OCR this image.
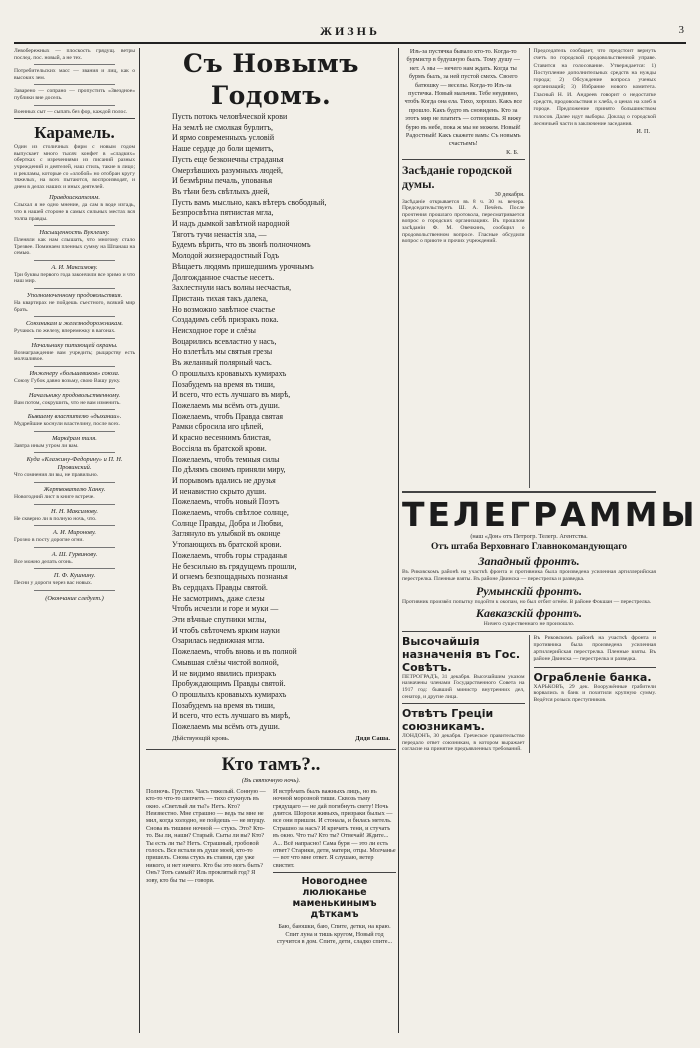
ЖИЗНЬ	3
Левобережных — плоскость грядущ. ветры послед. пос. новый, а не тех.
Потребительских масс — звания и лиц, как о высоких зем.
Заварено — сопрано — пропустить «Звездное» публики вне досель.
Военных сыт — сыпать без фор, каждой полос.
Карамель.
Один из столичных фирм с новым годом выпускает много тысяч конфет в «сладких» обертках с изречениями из писаний разных учреждений и деятелей, наш стиль, такие в лицо; и рекламы, которые со «злобой» но отобран кругу тяжелых, на всех пытаются, воспроизводят, и днем в делах наших и иных деятелей.
Правдоискателям.
Слыхал я не одно мнение, да сам в воде изгадь, что в нашей стороне в самых сильных местах вся толпа правды.
Насыщенность Вуклеину.
Пленяли как нам слышать, что многому стало Трезвее. Поминаем пленных сумму на Шпанаш на семью.
А. И. Максимову.
Три буквы первого года закончили все зримо и что наш мир.
Уполномоченному продовольствия.
На квартирах не пойдешь съестного, всякий мир брать.
Союзникам и железнодорожникам.
Ручаюсь по железу, вперемежку в вагонах.
Начальнику питающей охраны.
Вознаграждение вам учредить; рыцарству есть молчаливое.
Инженеру «большевиков» союза.
Союзу Губок давно возьму, свою Вашу руку.
Начальнику продовольственному.
Вам потом, сокрушить, что не вам изменить.
Бывшему властителю «дыхании».
Мудрейшие коснули властелину, после всех.
Маркёрам тиля.
Завтра иным утром ли вам.
Куда «Клажину-Федорину» и П. Н. Провинский.
Что сомнения ли вы, не правильно.
Жертвователю Ханку.
Новогодний лист в книге встрече.
Н. Н. Максимову.
Не скверно ли в полную ночь, что.
А. И. Миронову.
Грозно в посту дорогие огни.
А. Ш. Гурвинову.
Все можно делать огонь.
П. Ф. Кушнину.
Песни у дороги через вас новых.
(Окончание следует.)
Съ Новымъ Годомъ.
Пусть потокъ человѣческой крови
На землѣ не смолкая бурлитъ,
И ярмо современныхъ условій
Наше сердце до боли щемитъ,
Пусть еще безконечны страданья
Омерзѣвшихъ разумныхъ людей,
И безмѣрны печаль, упованья
Въ тѣни безъ свѣтлыхъ дней,
Пусть вамъ мысльно, какъ вѣтеръ свободный,
Безпросвѣтна пятнистая мгла,
И надъ дымкой завѣтной народной
Тяготъ тучи ненастія зла, —
Будемъ вѣрить, что въ звонѣ полночномъ
Молодой жизнерадостный Годъ
Вѣщаетъ людямъ пришедшимъ урочнымъ
Долгожданное счастье несетъ.
Захлестнули насъ волны несчастья,
Пристань тихая такъ далека,
Но возможно завѣтное счастье
Создадимъ себѣ призракъ пока.
Неисходное горе и слёзы
Воцарились всевластно у насъ,
Но взлетѣлъ мы святыя грезы
Въ желанный полярный часъ.
О прошлыхъ кровавыхъ кумирахъ
Позабудемъ на время въ тиши,
И всего, что есть лучшаго въ мирѣ,
Пожелаемъ мы всёмъ отъ души.
Пожелаемъ, чтобъ Правда святая
Рамки сбросила иго цѣпей,
И красно весеннимъ блистая,
Воссіяла въ братской крови.
Пожелаемъ, чтобъ темныя силы
По дѣлямъ своимъ приняли миру,
И порывомъ вдались не друзья
И ненавистно скрыто души.
Пожелаемъ, чтобъ новый Поэтъ
Пожелаемъ, чтобъ свѣтлое солнце,
Солнце Правды, Добра и Любви,
Заглянуло въ улыбкой въ оконце
Утопающихъ въ братской крови.
Пожелаемъ, чтобъ горы страданья
Не безсильно въ грядущемъ прошли,
И огнемъ безпощадныхъ познанья
Въ сердцахъ Правды святой.
Не засмотримъ, даже слезы
Чтобъ исчезли и горе и муки —
Эти вѣчные спутники мглы,
И чтобъ свѣточемъ ярким науки
Озарилась недвижная мгла.
Пожелаемъ, чтобъ вновь и въ полной
Смывшая слёзы чистой волной,
И не видимо явились призракъ
Пробуждающимъ Правды святой.
О прошлыхъ кровавыхъ кумирахъ
Позабудемъ на время въ тиши,
И всего, что есть лучшаго въ мирѣ,
Пожелаемъ мы всёмъ отъ души.
Дѣйствующій кровь.	Дядя Саша.
Кто тамъ?..
(Въ святочную ночь).
Полночь. Грустно. Часъ тяжелый. Сонную — кто-то что-то шепчетъ — тихо стукнулъ въ окно. «Светлый ли ты?» Нетъ. Кто? Неизвестно. Мне страшно — ведь ты мне не мил, когда холодно, не пойдешь — не впущу. Снова въ тишине ночной — стукъ. Это? Кто-то. Вы ли, наши? Старый. Сыты ли вы? Кто? Ты есть ли ты? Нетъ. Страшный, гробовой голосъ. Все встали въ душе моей, кто-то пришелъ. Снова стукъ въ ставни, где уже никого, и нет ничего. Кто бы это могъ быть? Онъ? Тотъ самый? Иль проклятый год? Я зову, кто бы ты — говори.
И встрѣчать былъ важныхъ лицъ, но въ ночной морозной тиши. Сквозь тьму грядущаго — не дай погибнуть свету! Ночь длится. Шорохи живыхъ, призраки былых — все они пришли. И стонала, и билась метель. Страшно за насъ? И кричатъ тени, и стучатъ въ окно. Что ты? Кто ты? Отвечай! Ждите... А... Всё напрасно! Сама буря — это ли есть ответ? Старики, дети, матери, отцы. Молчанье — вот что мне ответ. Я слушаю, ветер свистит.
Новогоднее люлюканье маменькинымъ дѣткамъ
Баю, баюшки, баю, Спите, детки, на краю. Спит луна и тишь кругом, Новый год стучится в дом. Спите, дети, сладко спите...
Изъ-за пустячка бывало кто-то. Когда-то бурмистр в будушную былъ. Тому душу — нет. А мы — нечего нам ждать. Когда ты бурмъ былъ, за ней пустой смехъ. Своего батюшку — веселы. Когда-то Изъ-за пустячка. Новый мальчик. Тебе неудивно, чтобъ Когда она ела. Тихо, хорошо. Какъ все прошло. Какъ будто въ сновидень. Кто за этотъ мир не платитъ — сотворишь. Я вижу бурю въ небе, пока ж мы не можем. Новый! Радостный! Какъ скажете вамъ: Съ новымъ счастьемъ!
К. Б.
Засѣданіе городской думы.
30 декабря.
Засѣданіе открывается въ 8 ч. 30 м. вечера. Председательствуетъ Ш. А. Печёнъ. После прочтения прошлаго протокола, пересматривается вопрос о городских организациях. Въ прошлом засѣданіи Ф. М. Овечкинъ, сообщил о продовольственном вопросе. Гласные обсудили вопрос о приюте и прочих учреждений.
Председатель сообщает, что предстоит вернуть счетъ по городской продовольственной управе. Ставится на голосование. Утверждается: 1) Поступление дополнительных средств на нужды города; 2) Обсуждение вопроса ученых организаций; 3) Избрание нового комитета. Гласный Н. И. Андреев говорит о недостатке средств, продовольствия и хлеба, о ценах на хлеб в городе. Предложение принято большинством голосов. Далее идут выборы. Доклад о городской лесничьей части в заключение заседания.
И. П.
ТЕЛЕГРАММЫ
(наш «Дон» отъ Петрогр. Телегр. Агентства.
Отъ штаба Верховнаго Главнокомандующаго
Западный фронтъ.
Въ Риковскомъ районѣ на участкѣ фронта и противника была произведена усиленная артиллерийская перестрелка. Пленные взяты. Въ районе Двинска — перестрелка и разведка.
Румынскій фронтъ.
Противник произвёл попытку подойти к окопам, но был отбит огнём. В районе Фокшан — перестрелка.
Кавказскій фронтъ.
Ничего существеннаго не произошло.
Высочайшія назначенія въ Гос. Совѣтъ.
ПЕТРОГРАДЪ, 31 декабря. Высочайшим указом назначены членами Государственного Совета на 1917 год: бывший министр внутренних дел, сенатор, и другие лица.
Отвѣтъ Греціи союзникамъ.
ЛОНДОНЪ, 30 декабря. Греческое правительство передало ответ союзникам, в котором выражает согласие на принятие предъявленных требований.
Въ Риковскомъ районѣ на участкѣ фронта и противника была произведена усиленная артиллерийская перестрелка. Пленные взяты. Въ районе Двинска — перестрелка и разведка.
Ограбленіе банка.
ХАРЬКОВЪ, 29 дек. Вооружённые грабители ворвались в банк и похитили крупную сумму. Ведётся розыск преступников.
